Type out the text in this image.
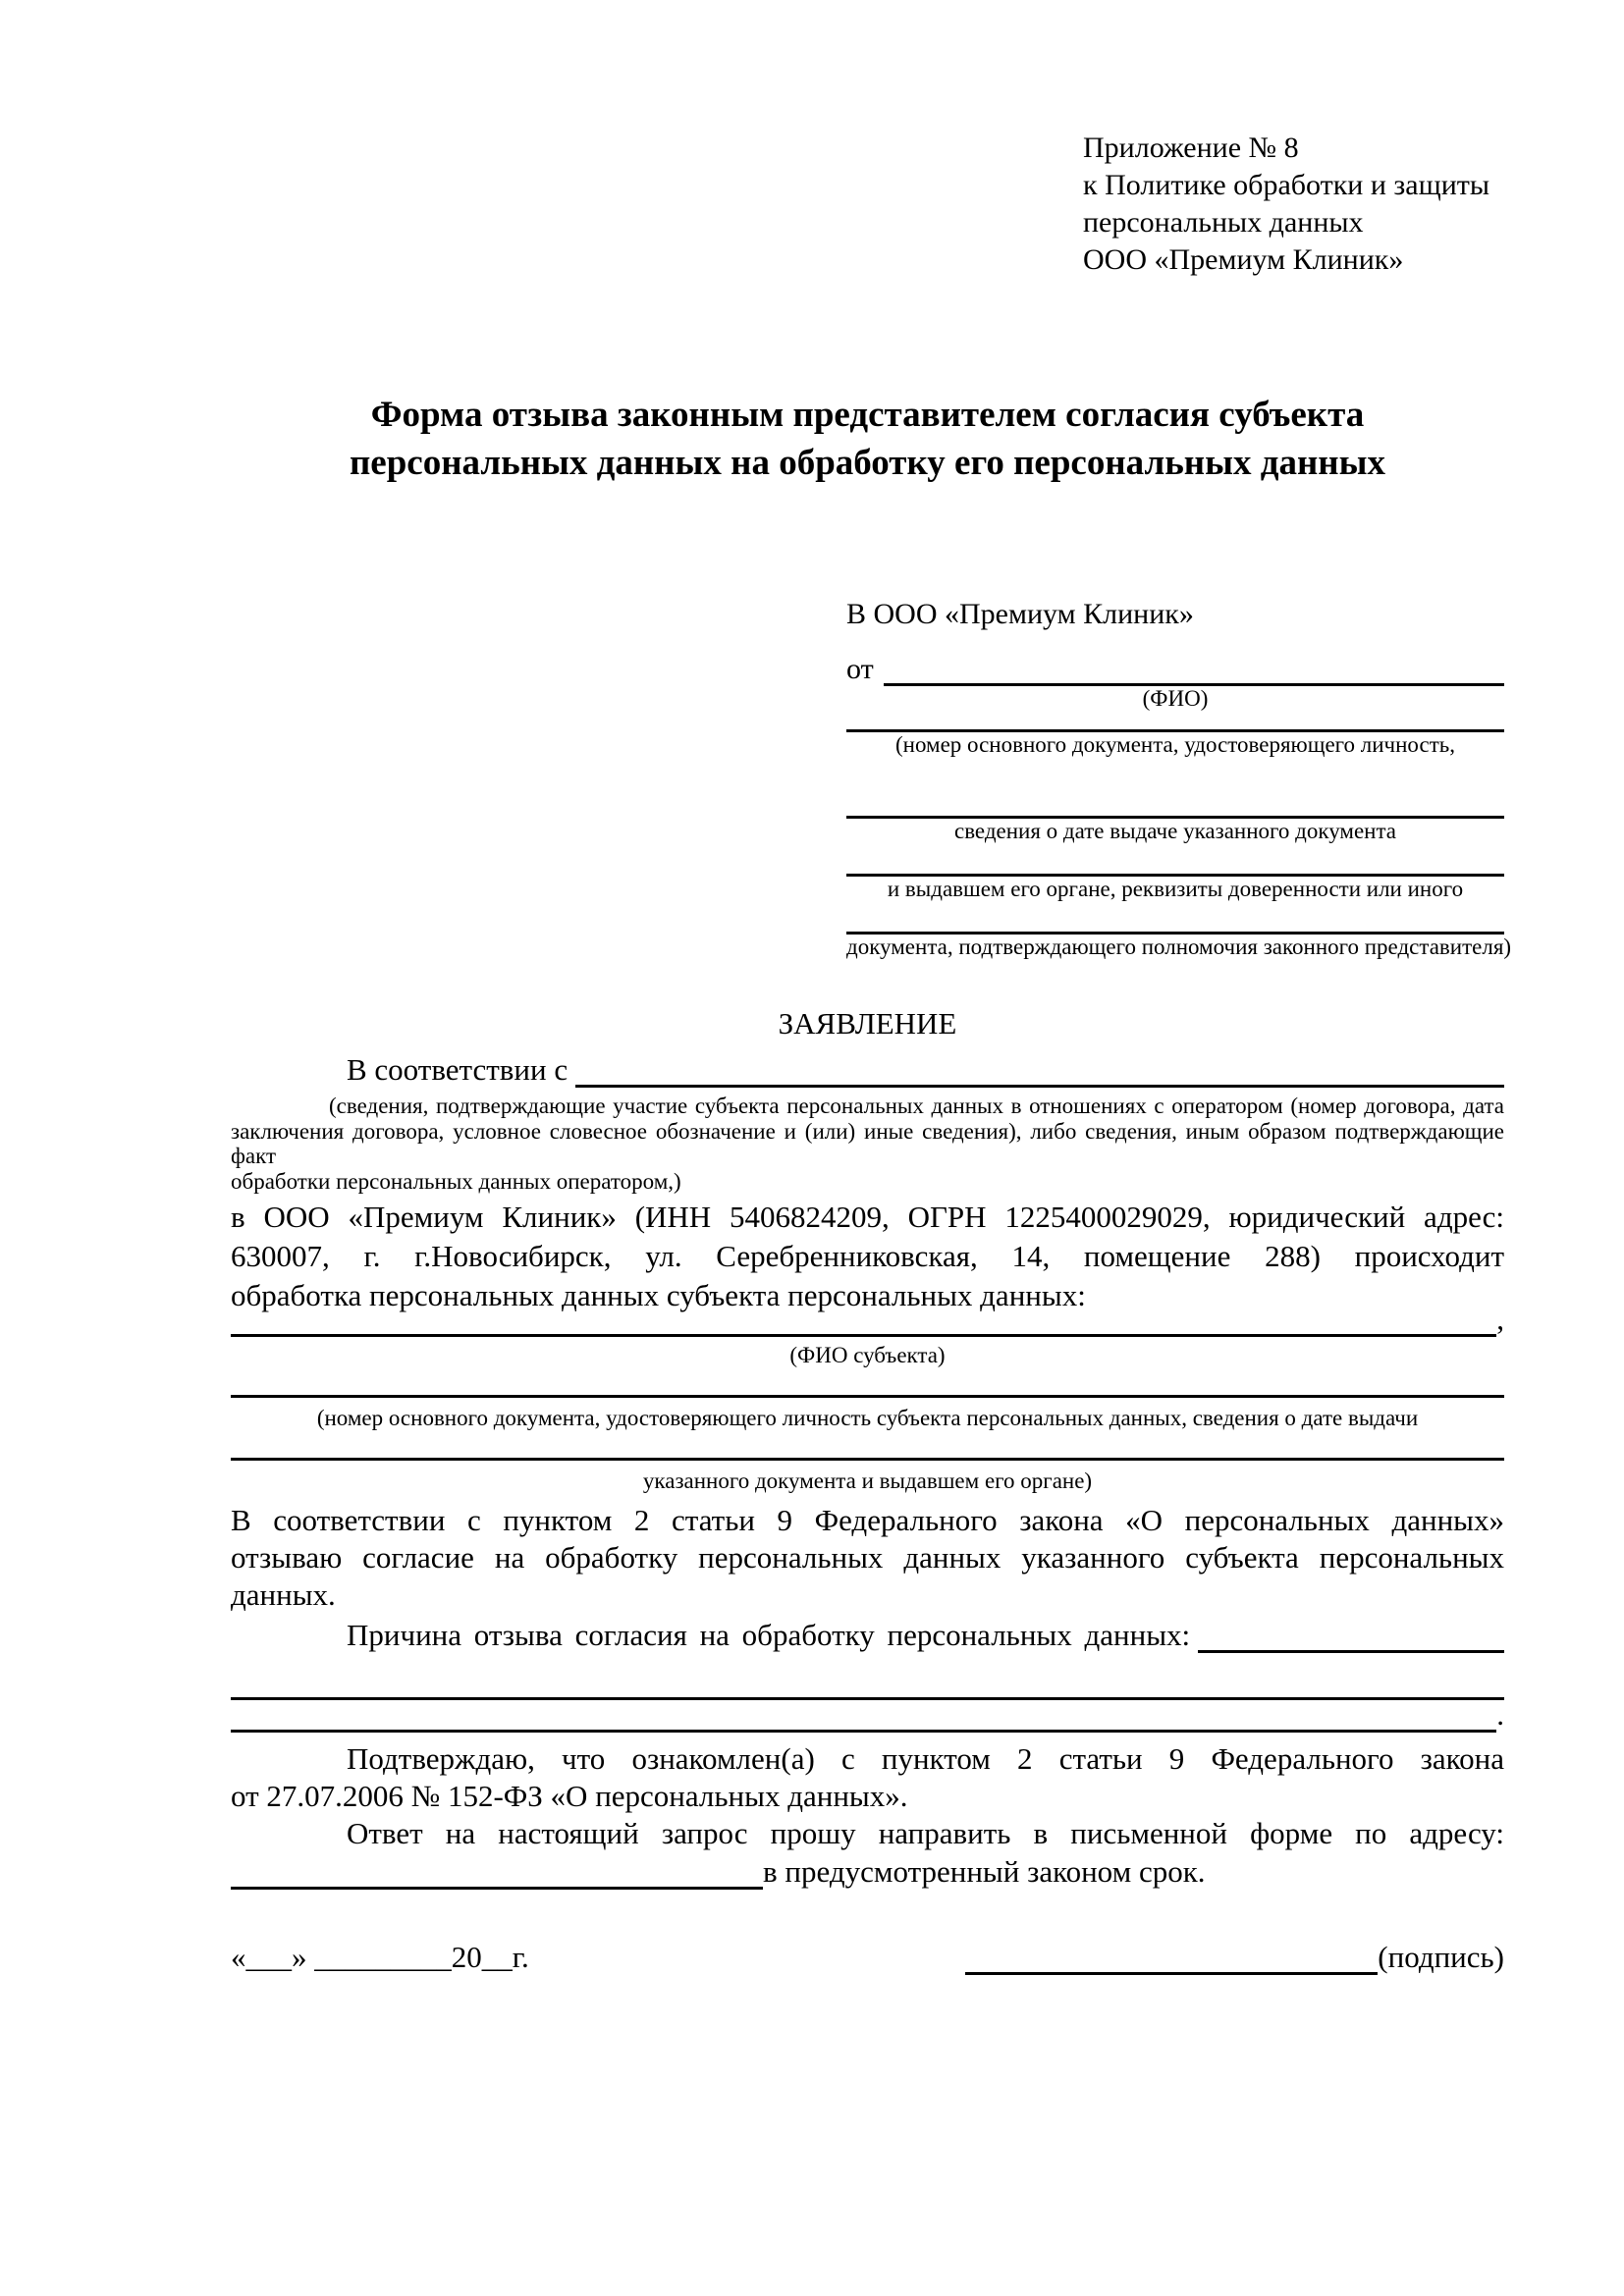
Приложение № 8
к Политике обработки и защиты
персональных данных
ООО «Премиум Клиник»
Форма отзыва законным представителем согласия субъекта персональных данных на обработку его персональных данных
В ООО «Премиум Клиник»
от
(ФИО)
(номер основного документа, удостоверяющего личность,
сведения о дате выдаче указанного документа
и выдавшем его органе, реквизиты доверенности или иного
документа, подтверждающего полномочия законного представителя)
ЗАЯВЛЕНИЕ
В соответствии с
(сведения, подтверждающие участие субъекта персональных данных в отношениях с оператором (номер договора, дата
заключения договора, условное словесное обозначение и (или) иные сведения), либо сведения, иным образом подтверждающие факт
обработки персональных данных оператором,)
в ООО «Премиум Клиник» (ИНН 5406824209, ОГРН 1225400029029, юридический адрес:
630007, г. г.Новосибирск, ул. Серебренниковская, 14, помещение 288) происходит
обработка персональных данных субъекта персональных данных:
,
(ФИО субъекта)
(номер основного документа, удостоверяющего личность субъекта персональных данных, сведения о дате выдачи
указанного документа и выдавшем его органе)
В соответствии с пунктом 2 статьи 9 Федерального закона «О персональных данных»
отзываю согласие на обработку персональных данных указанного субъекта персональных
данных.
Причина отзыва согласия на обработку персональных данных:
.
Подтверждаю, что ознакомлен(а) с пунктом 2 статьи 9 Федерального закона
от 27.07.2006 № 152-ФЗ «О персональных данных».
Ответ на настоящий запрос прошу направить в письменной форме по адресу:
в предусмотренный законом срок.
«___» _________20__г.	(подпись)
